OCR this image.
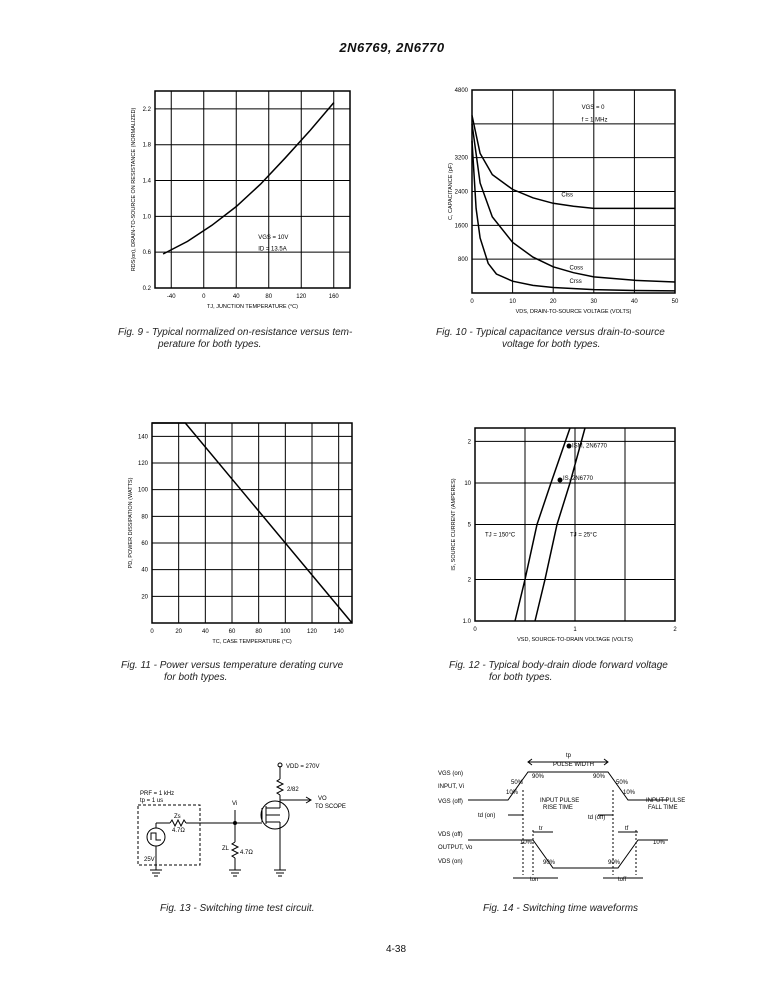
2N6769, 2N6770
-40	0	40	80	120	160
2.2
1.8
1.4
1.0
0.6
0.2
TJ, JUNCTION TEMPERATURE (°C)
RDS(on), DRAIN-TO-SOURCE ON RESISTANCE (NORMALIZED)	VGS = 10V
ID = 13.5A
Fig. 9 - Typical normalized on-resistance versus tem-
perature for both types.
0	10	20	30	40	50
4800
3200
2400
1600
800
VDS, DRAIN-TO-SOURCE VOLTAGE (VOLTS)
C, CAPACITANCE (pF)
VGS = 0
f = 1 MHz
Ciss
Coss
Crss
Fig. 10 - Typical capacitance versus drain-to-source
voltage for both types.
0	20	40	60	80	100	120	140
140
120
100
80
60
40
20
TC, CASE TEMPERATURE (°C)
PD, POWER DISSIPATION (WATTS)
Fig. 11 - Power versus temperature derating curve
for both types.
0	1	2
2
10
5
2
1.0
VSD, SOURCE-TO-DRAIN VOLTAGE (VOLTS)
IS, SOURCE CURRENT (AMPERES)
ISM, 2N6770
IS, 2N6770
TJ = 150°C	TJ = 25°C
Fig. 12 - Typical body-drain diode forward voltage
for both types.
PRF = 1 kHz
tp = 1 us
Zs
4.7Ω
25V
Vi
ZL
4.7Ω
VDD = 270V
2/82
VO
TO SCOPE
Fig. 13 - Switching time test circuit.
tp
PULSE WIDTH
VGS (on)
INPUT, Vi
VGS (off)
10%
50%
90%	90%
50%
10%
INPUT PULSE
RISE TIME
INPUT PULSE
FALL TIME
td (on)	td (off)
VDS (off)
OUTPUT, Vo
VDS (on)
10%
90%	90%
10%
tr	tf
ton	toff
Fig. 14 - Switching time waveforms
4-38
